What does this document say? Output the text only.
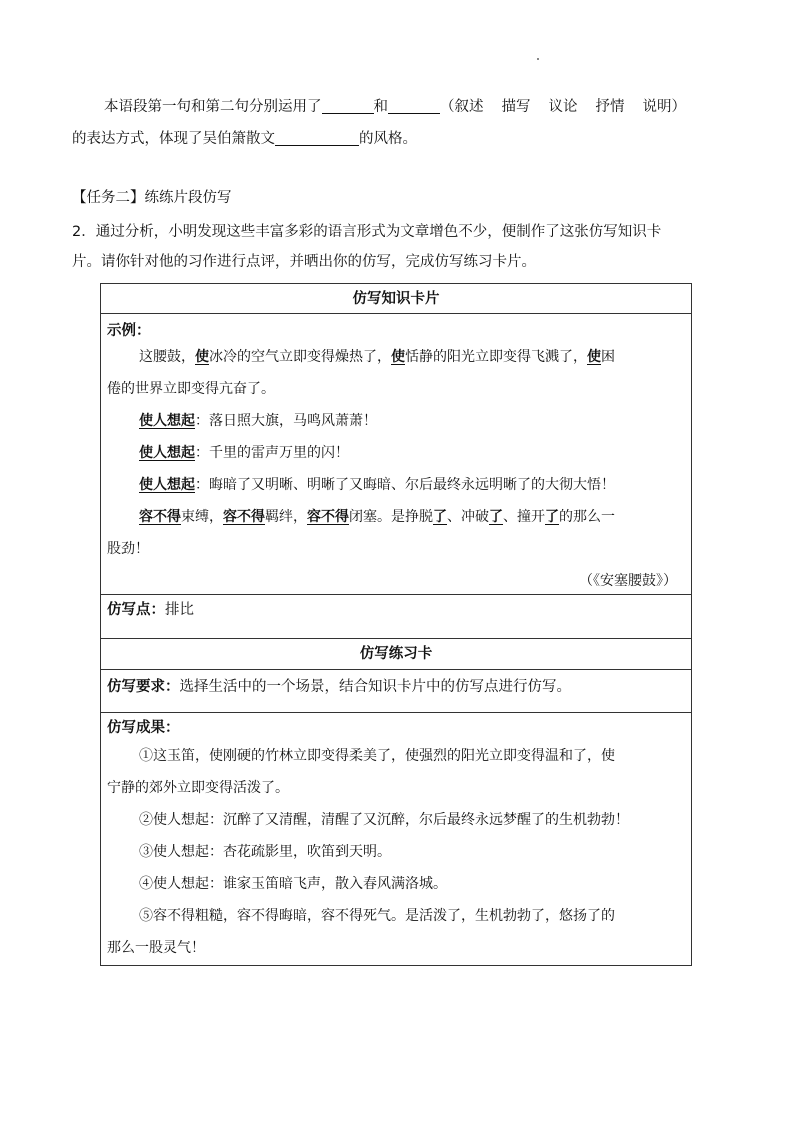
本语段第一句和第二句分别运用了	和	（叙述 描写 议论 抒情 说明）
的表达方式，体现了吴伯箫散文	的风格。
【任务二】练练片段仿写
2．通过分析，小明发现这些丰富多彩的语言形式为文章增色不少，便制作了这张仿写知识卡
片。请你针对他的习作进行点评，并晒出你的仿写，完成仿写练习卡片。
仿写知识卡片
示例：
这腰鼓，使冰冷的空气立即变得燥热了，使恬静的阳光立即变得飞溅了，使困
倦的世界立即变得亢奋了。
使人想起：落日照大旗，马鸣风萧萧！
使人想起：千里的雷声万里的闪！
使人想起：晦暗了又明晰、明晰了又晦暗、尔后最终永远明晰了的大彻大悟！
容不得束缚，容不得羁绊，容不得闭塞。是挣脱了、冲破了、撞开了的那么一
股劲！
（《安塞腰鼓》）
仿写点：排比
仿写练习卡
仿写要求：选择生活中的一个场景，结合知识卡片中的仿写点进行仿写。
仿写成果：
①这玉笛，使刚硬的竹林立即变得柔美了，使强烈的阳光立即变得温和了，使
宁静的郊外立即变得活泼了。
②使人想起：沉醉了又清醒，清醒了又沉醉，尔后最终永远梦醒了的生机勃勃！
③使人想起：杏花疏影里，吹笛到天明。
④使人想起：谁家玉笛暗飞声，散入春风满洛城。
⑤容不得粗糙，容不得晦暗，容不得死气。是活泼了，生机勃勃了，悠扬了的
那么一股灵气！
